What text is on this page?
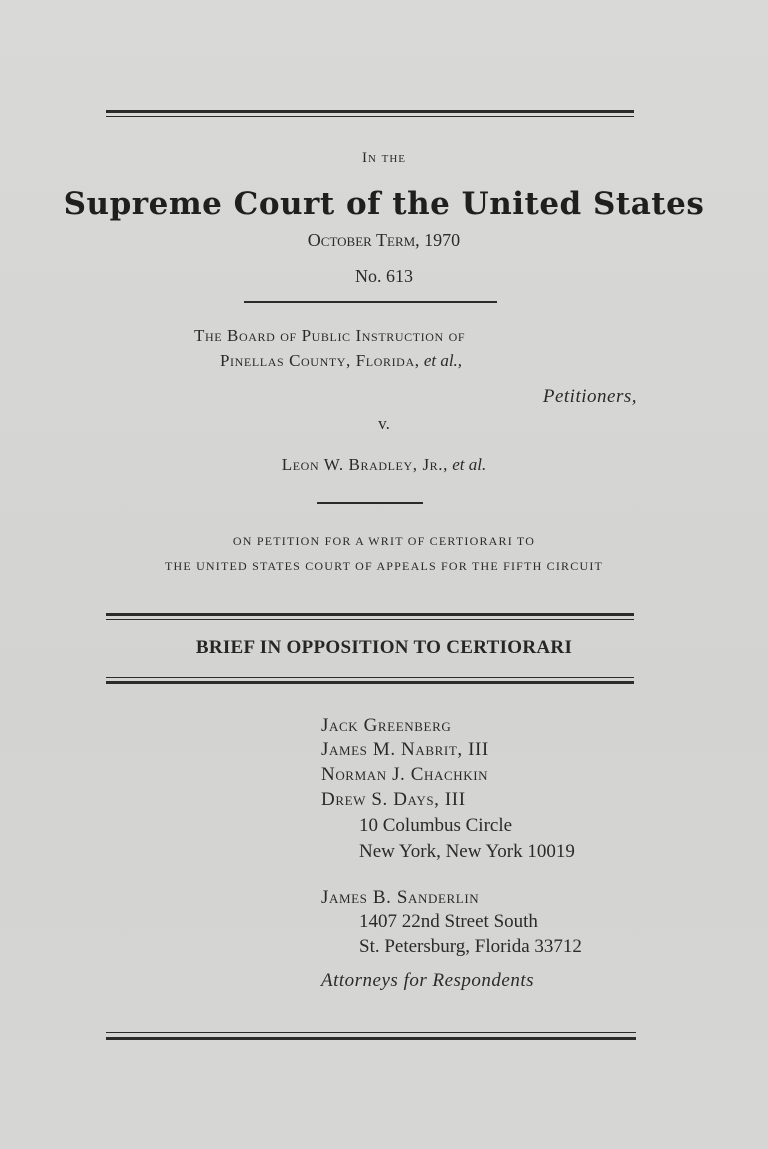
In the
Supreme Court of the United States
October Term, 1970
No. 613
The Board of Public Instruction of
Pinellas County, Florida, et al.,
Petitioners,
v.
Leon W. Bradley, Jr., et al.
ON PETITION FOR A WRIT OF CERTIORARI TO
THE UNITED STATES COURT OF APPEALS FOR THE FIFTH CIRCUIT
BRIEF IN OPPOSITION TO CERTIORARI
Jack Greenberg
James M. Nabrit, III
Norman J. Chachkin
Drew S. Days, III
10 Columbus Circle
New York, New York 10019
James B. Sanderlin
1407 22nd Street South
St. Petersburg, Florida 33712
Attorneys for Respondents
